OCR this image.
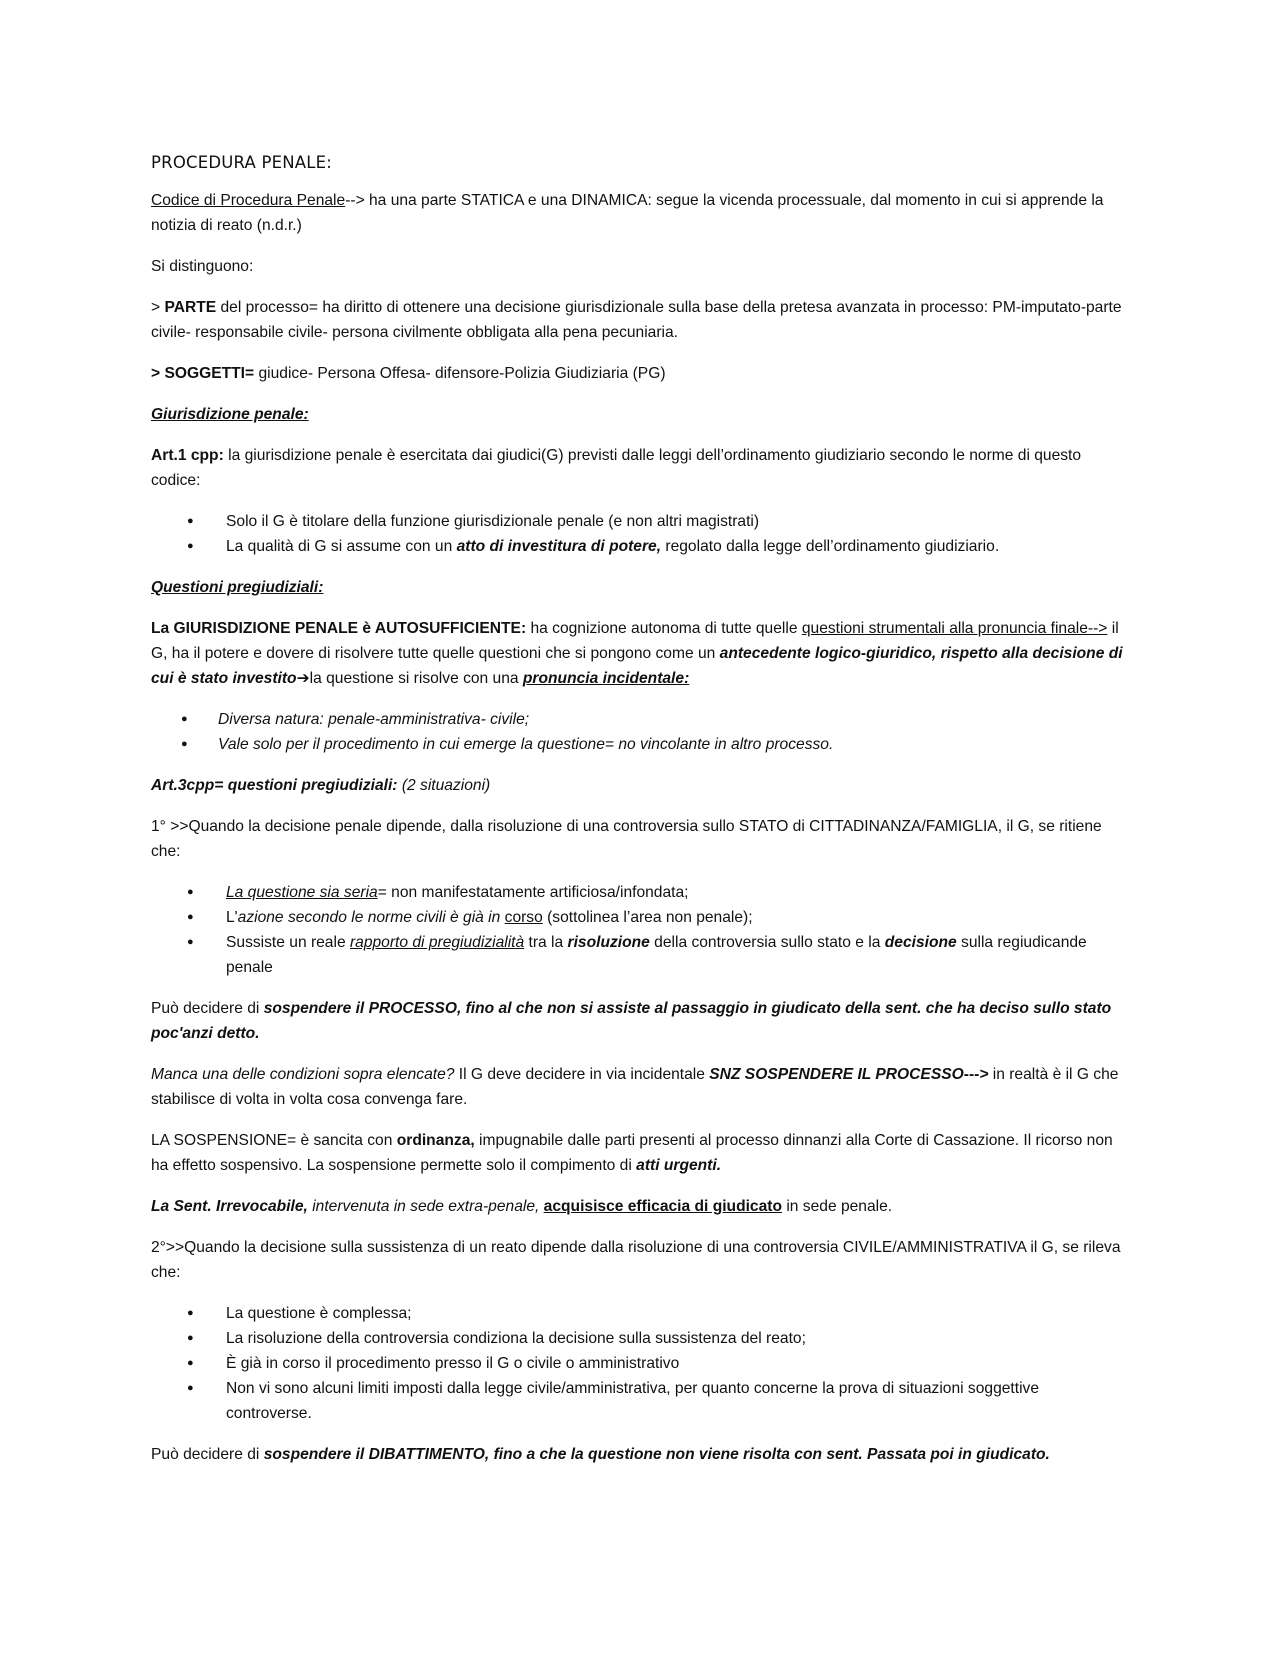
PROCEDURA PENALE:

Codice di Procedura Penale--> ha una parte STATICA e una DINAMICA: segue la vicenda processuale, dal momento in cui si apprende la notizia di reato (n.d.r.)

Si distinguono:

> PARTE del processo= ha diritto di ottenere una decisione giurisdizionale sulla base della pretesa avanzata in processo: PM-imputato-parte civile- responsabile civile- persona civilmente obbligata alla pena pecuniaria.

> SOGGETTI= giudice- Persona Offesa- difensore-Polizia Giudiziaria (PG)

Giurisdizione penale:

Art.1 cpp: la giurisdizione penale è esercitata dai giudici(G) previsti dalle leggi dell’ordinamento giudiziario secondo le norme di questo codice:

● Solo il G è titolare della funzione giurisdizionale penale (e non altri magistrati)
● La qualità di G si assume con un atto di investitura di potere, regolato dalla legge dell’ordinamento giudiziario.

Questioni pregiudiziali:

La GIURISDIZIONE PENALE è AUTOSUFFICIENTE: ha cognizione autonoma di tutte quelle questioni strumentali alla pronuncia finale--> il G, ha il potere e dovere di risolvere tutte quelle questioni che si pongono come un antecedente logico-giuridico, rispetto alla decisione di cui è stato investito➔la questione si risolve con una pronuncia incidentale:

● Diversa natura: penale-amministrativa- civile;
● Vale solo per il procedimento in cui emerge la questione= no vincolante in altro processo.

Art.3cpp= questioni pregiudiziali: (2 situazioni)

1° >>Quando la decisione penale dipende, dalla risoluzione di una controversia sullo STATO di CITTADINANZA/FAMIGLIA, il G, se ritiene che:

● La questione sia seria= non manifestatamente artificiosa/infondata;
● L'azione secondo le norme civili è già in corso (sottolinea l’area non penale);
● Sussiste un reale rapporto di pregiudizialità tra la risoluzione della controversia sullo stato e la decisione sulla regiudicande penale

Può decidere di sospendere il PROCESSO, fino al che non si assiste al passaggio in giudicato della sent. che ha deciso sullo stato poc'anzi detto.

Manca una delle condizioni sopra elencate? Il G deve decidere in via incidentale SNZ SOSPENDERE IL PROCESSO---> in realtà è il G che stabilisce di volta in volta cosa convenga fare.

LA SOSPENSIONE= è sancita con ordinanza, impugnabile dalle parti presenti al processo dinnanzi alla Corte di Cassazione. Il ricorso non ha effetto sospensivo. La sospensione permette solo il compimento di atti urgenti.

La Sent. Irrevocabile, intervenuta in sede extra-penale, acquisisce efficacia di giudicato in sede penale.

2°>>Quando la decisione sulla sussistenza di un reato dipende dalla risoluzione di una controversia CIVILE/AMMINISTRATIVA il G, se rileva che:

● La questione è complessa;
● La risoluzione della controversia condiziona la decisione sulla sussistenza del reato;
● È già in corso il procedimento presso il G o civile o amministrativo
● Non vi sono alcuni limiti imposti dalla legge civile/amministrativa, per quanto concerne la prova di situazioni soggettive controverse.

Può decidere di sospendere il DIBATTIMENTO, fino a che la questione non viene risolta con sent. Passata poi in giudicato.
